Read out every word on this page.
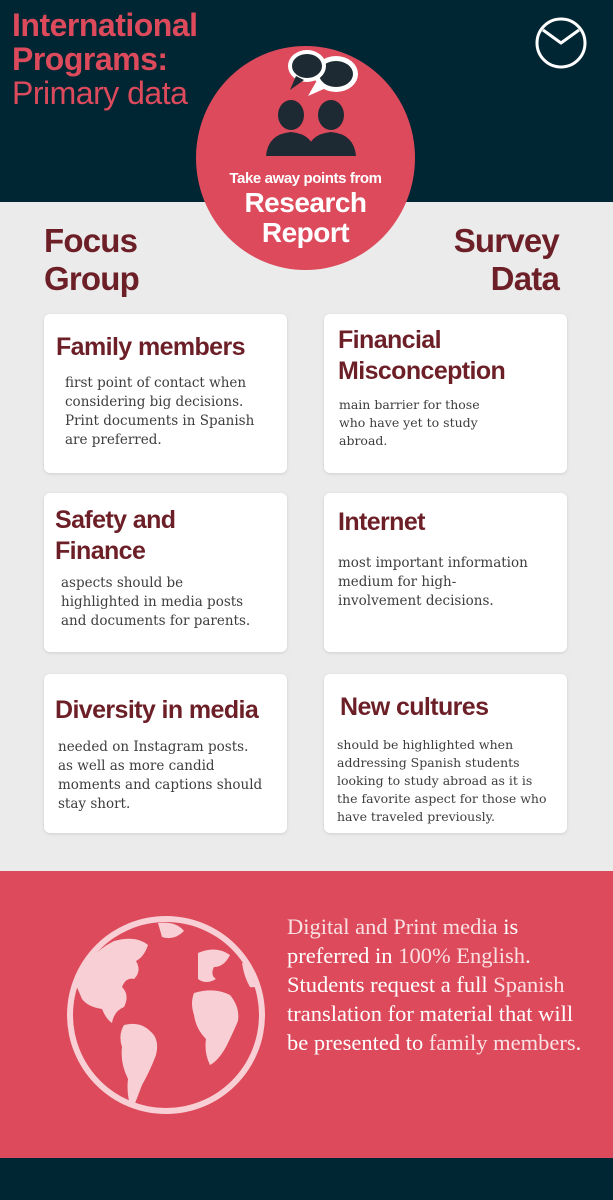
International
Programs:
Primary data
Take away points from
Research
Report
Focus
Group
Survey
Data
Family members
first point of contact when
considering big decisions.
Print documents in Spanish
are preferred.
Financial
Misconception
main barrier for those
who have yet to study
abroad.
Safety and
Finance
aspects should be
highlighted in media posts
and documents for parents.
Internet
most important information
medium for high-
involvement decisions.
Diversity in media
needed on Instagram posts.
as well as more candid
moments and captions should
stay short.
New cultures
should be highlighted when
addressing Spanish students
looking to study abroad as it is
the favorite aspect for those who
have traveled previously.
Digital and Print media is preferred in 100% English. Students request a full Spanish translation for material that will be presented to family members.
